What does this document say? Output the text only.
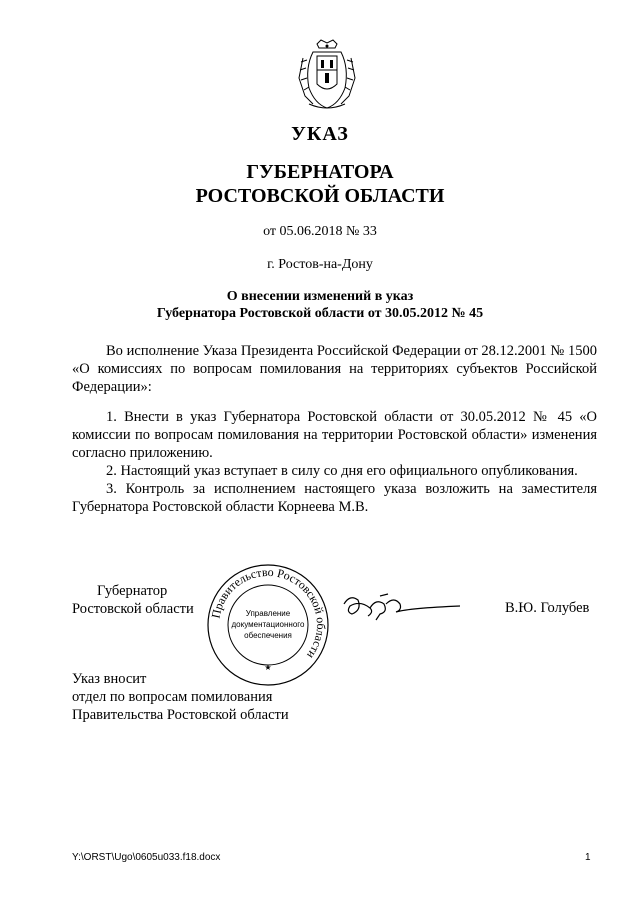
УКАЗ
ГУБЕРНАТОРА
РОСТОВСКОЙ ОБЛАСТИ
от 05.06.2018 № 33
г. Ростов-на-Дону
О внесении изменений в указ
Губернатора Ростовской области от 30.05.2012 № 45

Во исполнение Указа Президента Российской Федерации от 28.12.2001 № 1500 «О комиссиях по вопросам помилования на территориях субъектов Российской Федерации»:

1. Внести в указ Губернатора Ростовской области от 30.05.2012 № 45 «О комиссии по вопросам помилования на территории Ростовской области» изменения согласно приложению.

2. Настоящий указ вступает в силу со дня его официального опубликования.

3. Контроль за исполнением настоящего указа возложить на заместителя Губернатора Ростовской области Корнеева М.В.

Губернатор
Ростовской области Правительство Ростовской области
Управление
документационного
обеспечения
★
В.Ю. Голубев
Указ вносит
отдел по вопросам помилования
Правительства Ростовской области
Y:\ORST\Ugo\0605u033.f18.docx	1
